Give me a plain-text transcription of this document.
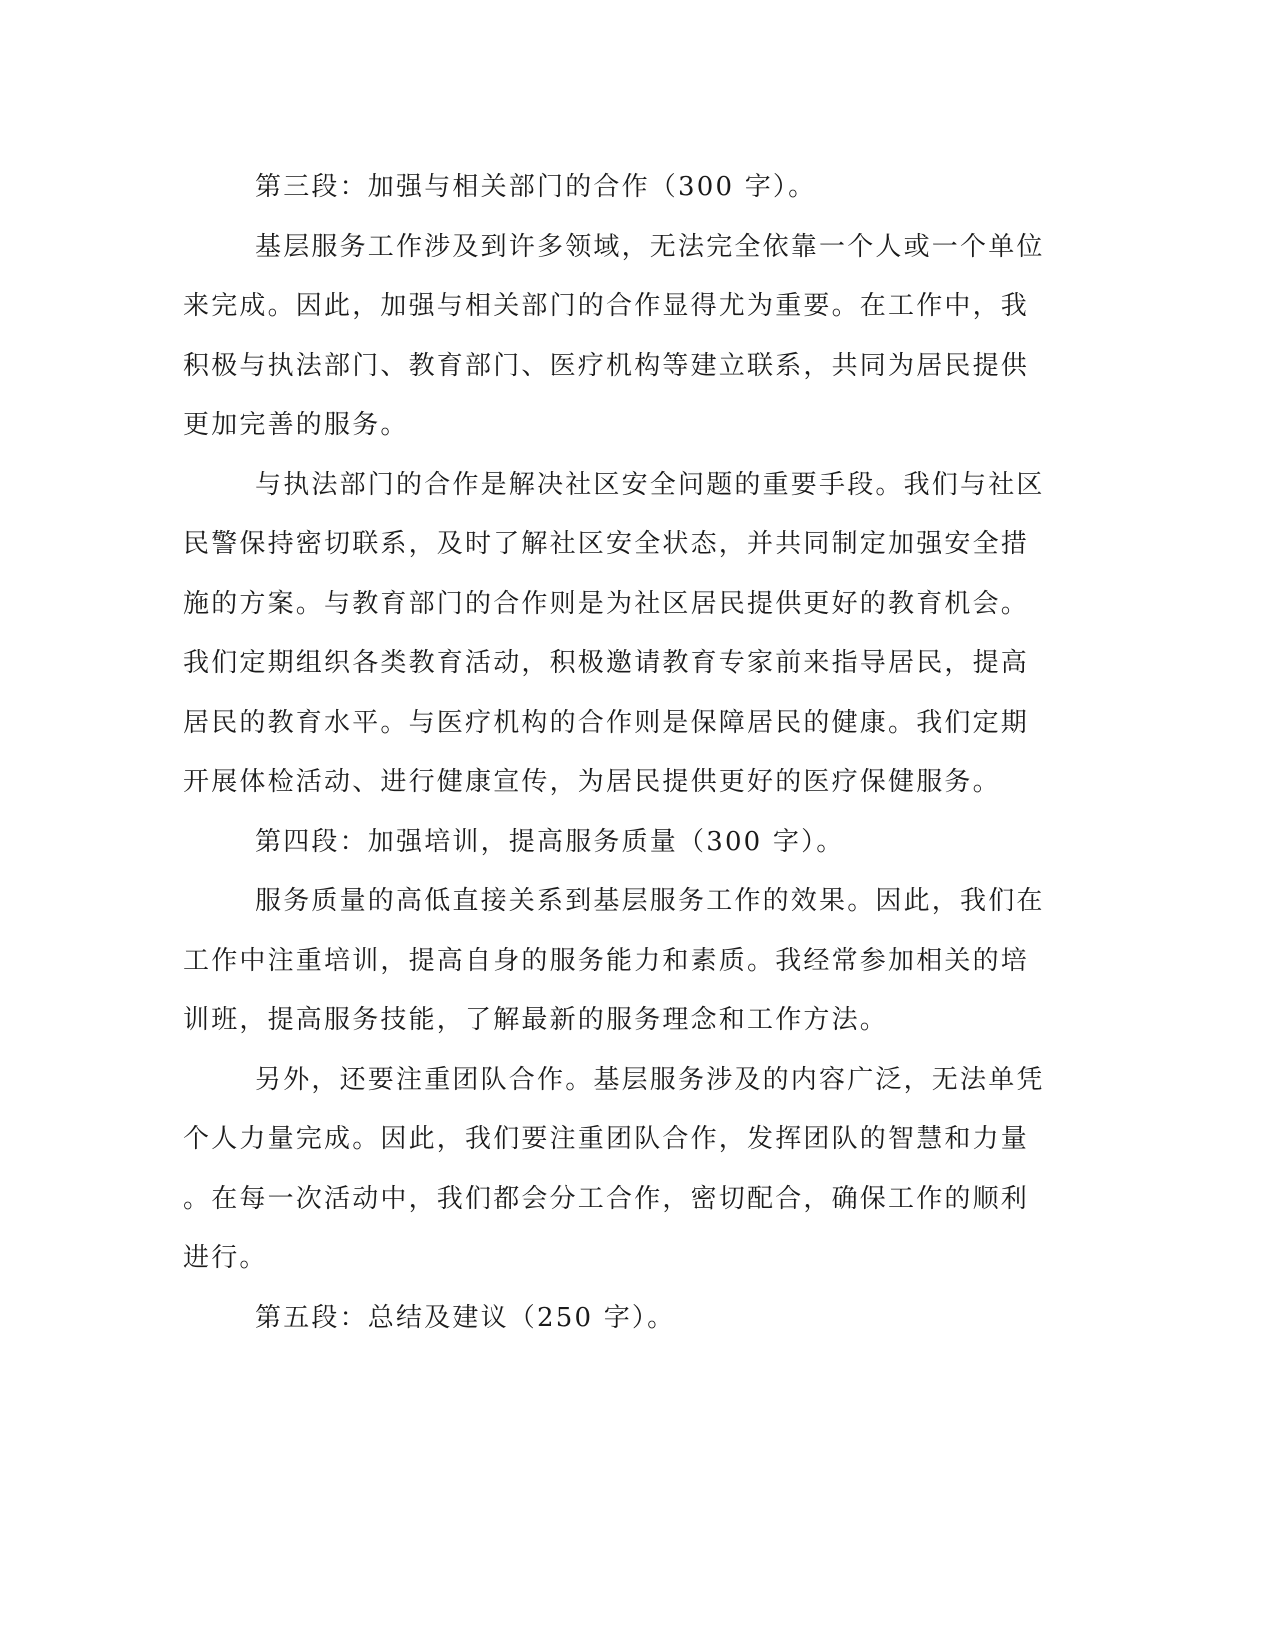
第三段：加强与相关部门的合作（300 字）。
基层服务工作涉及到许多领域，无法完全依靠一个人或一个单位
来完成。因此，加强与相关部门的合作显得尤为重要。在工作中，我
积极与执法部门、教育部门、医疗机构等建立联系，共同为居民提供
更加完善的服务。
与执法部门的合作是解决社区安全问题的重要手段。我们与社区
民警保持密切联系，及时了解社区安全状态，并共同制定加强安全措
施的方案。与教育部门的合作则是为社区居民提供更好的教育机会。
我们定期组织各类教育活动，积极邀请教育专家前来指导居民，提高
居民的教育水平。与医疗机构的合作则是保障居民的健康。我们定期
开展体检活动、进行健康宣传，为居民提供更好的医疗保健服务。
第四段：加强培训，提高服务质量（300 字）。
服务质量的高低直接关系到基层服务工作的效果。因此，我们在
工作中注重培训，提高自身的服务能力和素质。我经常参加相关的培
训班，提高服务技能，了解最新的服务理念和工作方法。
另外，还要注重团队合作。基层服务涉及的内容广泛，无法单凭
个人力量完成。因此，我们要注重团队合作，发挥团队的智慧和力量
。在每一次活动中，我们都会分工合作，密切配合，确保工作的顺利
进行。
第五段：总结及建议（250 字）。
